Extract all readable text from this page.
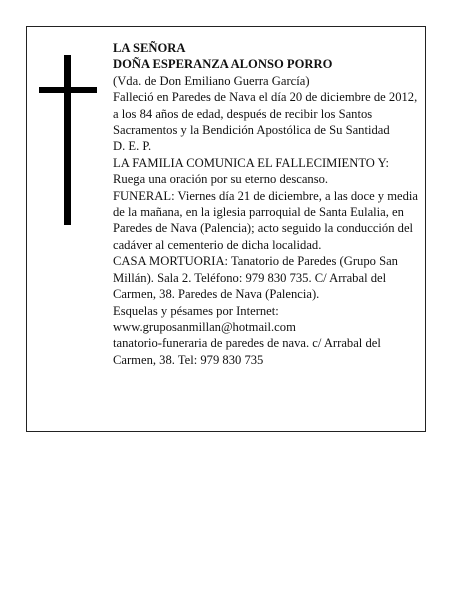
LA SEÑORA

DOÑA ESPERANZA ALONSO PORRO

(Vda. de Don Emiliano Guerra García)

Falleció en Paredes de Nava el día 20 de diciembre de 2012, a los 84 años de edad, después de recibir los Santos Sacramentos y la Bendición Apostólica de Su Santidad

D. E. P.

LA FAMILIA COMUNICA EL FALLECIMIENTO Y: Ruega una oración por su eterno descanso.

FUNERAL: Viernes día 21 de diciembre, a las doce y media de la mañana, en la iglesia parroquial de Santa Eulalia, en Paredes de Nava (Palencia); acto seguido la conducción del cadáver al cementerio de dicha localidad.

CASA MORTUORIA: Tanatorio de Paredes (Grupo San Millán). Sala 2. Teléfono: 979 830 735. C/ Arrabal del Carmen, 38. Paredes de Nava (Palencia).

Esquelas y pésames por Internet:

www.gruposanmillan@hotmail.com

tanatorio-funeraria de paredes de nava. c/ Arrabal del Carmen, 38. Tel: 979 830 735
